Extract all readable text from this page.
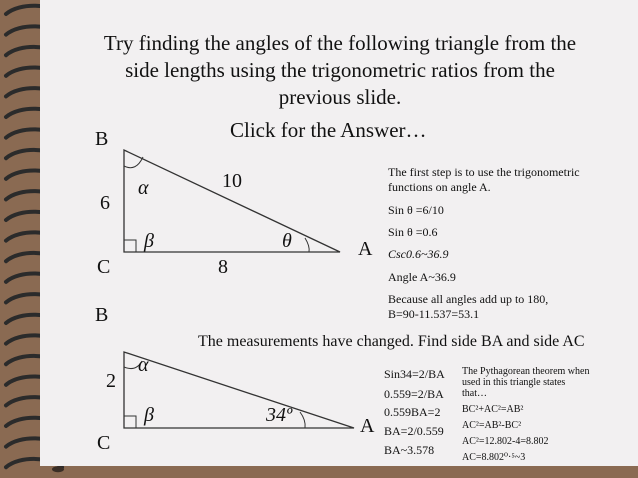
Try finding the angles of the following triangle from the
side lengths using the trigonometric ratios from the
previous slide.
Click for the Answer…
B
C
A
10
6
8
α
β	θ
The first step is to use the trigonometric
functions on angle A.
Sin θ =6/10
Sin θ =0.6
Csc0.6~36.9
Angle A~36.9
Because all angles add up to 180,
B=90-11.537=53.1
The measurements have changed. Find side BA and side AC
B
C
A
2
α
β	34º
Sin34=2/BA
0.559=2/BA
0.559BA=2
BA=2/0.559
BA~3.578
The Pythagorean theorem when
used in this triangle states
that…
BC²+AC²=AB²
AC²=AB²-BC²
AC²=12.802-4=8.802
AC=8.802⁰·⁵~3
